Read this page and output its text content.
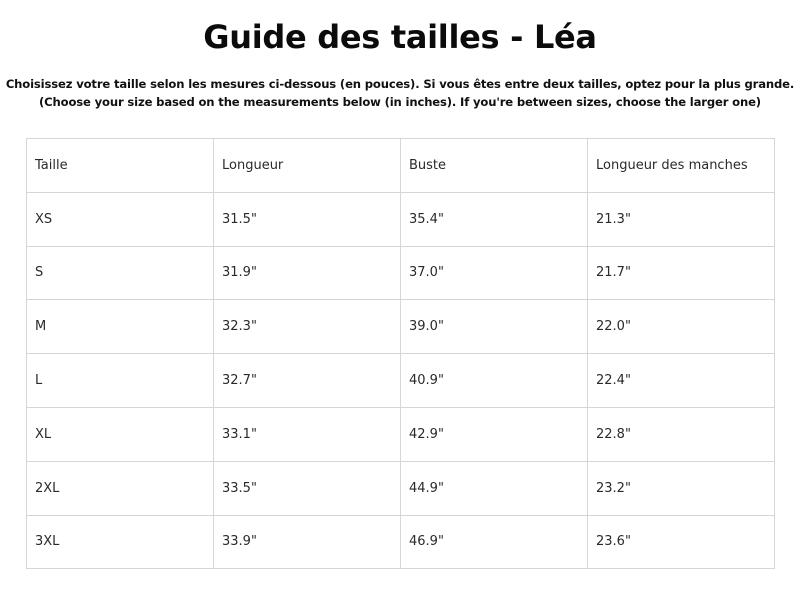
Guide des tailles - Léa

Choisissez votre taille selon les mesures ci-dessous (en pouces). Si vous êtes entre deux tailles, optez pour la plus grande.

(Choose your size based on the measurements below (in inches). If you're between sizes, choose the larger one)

Taille	Longueur	Buste	Longueur des manches
XS	31.5"	35.4"	21.3"
S	31.9"	37.0"	21.7"
M	32.3"	39.0"	22.0"
L	32.7"	40.9"	22.4"
XL	33.1"	42.9"	22.8"
2XL	33.5"	44.9"	23.2"
3XL	33.9"	46.9"	23.6"
